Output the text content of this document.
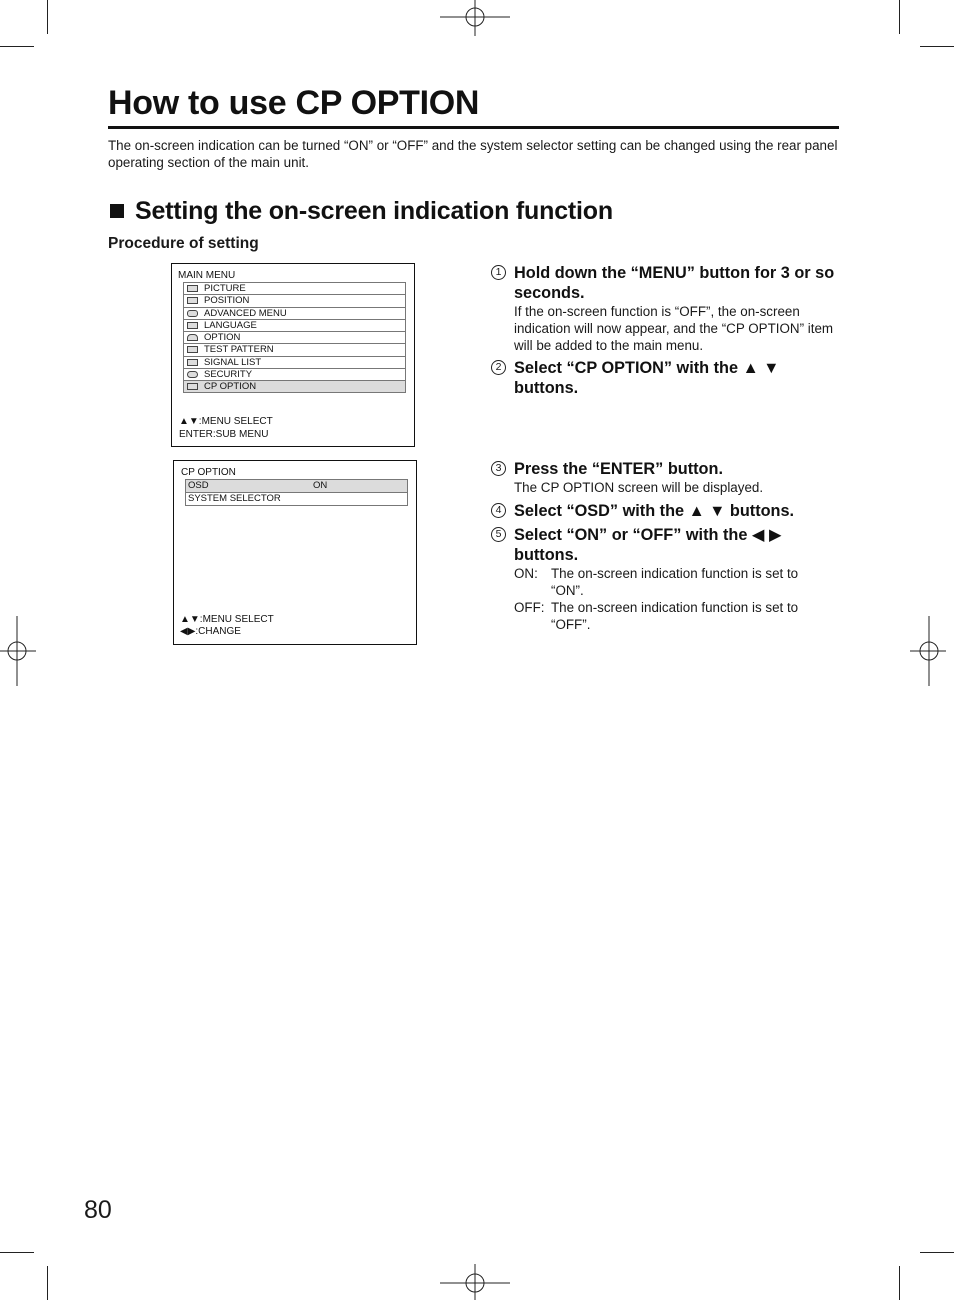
How to use CP OPTION

The on-screen indication can be turned “ON” or “OFF” and the system selector setting can be changed using the rear panel operating section of the main unit.

Setting the on-screen indication function
Procedure of setting
MAIN MENU
PICTURE
POSITION
ADVANCED MENU
LANGUAGE
OPTION
TEST PATTERN
SIGNAL LIST
SECURITY
CP OPTION
▲▼:MENU SELECT
ENTER:SUB MENU
CP OPTION
OSD	ON
SYSTEM SELECTOR
▲▼:MENU SELECT
◀▶:CHANGE
1 Hold down the “MENU” button for 3 or so seconds.
If the on-screen function is “OFF”, the on-screen indication will now appear, and the “CP OPTION” item will be added to the main menu.
2 Select “CP OPTION” with the ▲ ▼ buttons.
3 Press the “ENTER” button.
The CP OPTION screen will be displayed.
4 Select “OSD” with the ▲ ▼ buttons.
5 Select “ON” or “OFF” with the ◀ ▶ buttons.
ON: The on-screen indication function is set to “ON”.
OFF: The on-screen indication function is set to “OFF”.
80
